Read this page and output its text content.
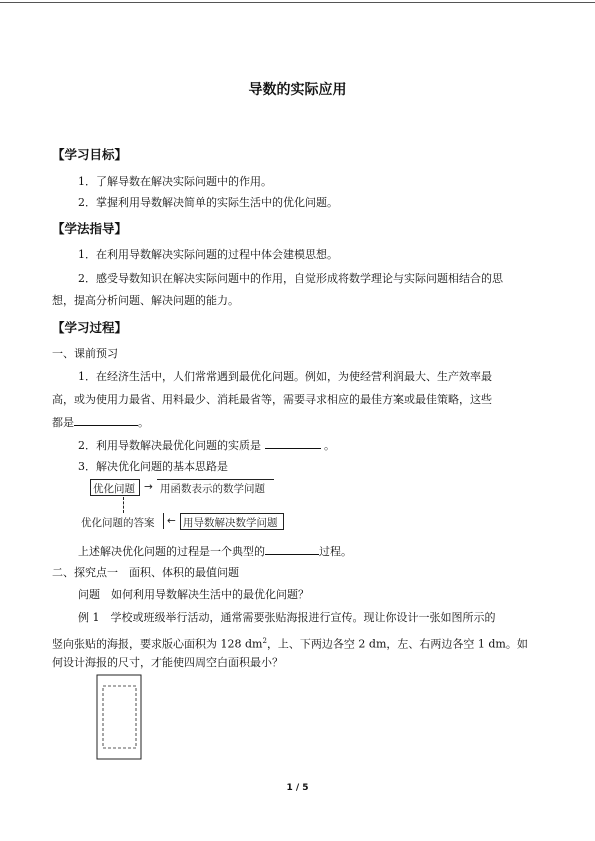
导数的实际应用
【学习目标】
1．了解导数在解决实际问题中的作用。
2．掌握利用导数解决简单的实际生活中的优化问题。
【学法指导】
1．在利用导数解决实际问题的过程中体会建模思想。
2．感受导数知识在解决实际问题中的作用，自觉形成将数学理论与实际问题相结合的思
想，提高分析问题、解决问题的能力。
【学习过程】
一、课前预习
1．在经济生活中，人们常常遇到最优化问题。例如，为使经营利润最大、生产效率最
高，或为使用力最省、用料最少、消耗最省等，需要寻求相应的最佳方案或最佳策略，这些
都是	。
2．利用导数解决最优化问题的实质是	。
3．解决优化问题的基本思路是
优化问题 → 用函数表示的数学问题
优化问题的答案 ← 用导数解决数学问题
上述解决优化问题的过程是一个典型的	过程。
二、探究点一　面积、体积的最值问题
问题　如何利用导数解决生活中的最优化问题？
例 1　学校或班级举行活动，通常需要张贴海报进行宣传。现让你设计一张如图所示的
竖向张贴的海报，要求版心面积为 128 $dm^2$，上、下两边各空 2 dm，左、右两边各空 1 dm。如
何设计海报的尺寸，才能使四周空白面积最小？
1 / 5
